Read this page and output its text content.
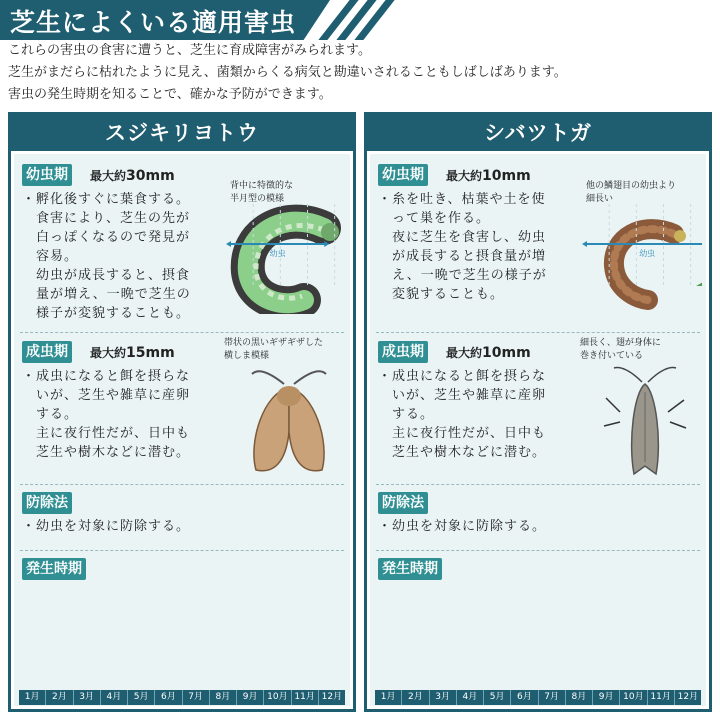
芝生によくいる適用害虫
これらの害虫の食害に遭うと、芝生に育成障害がみられます。
芝生がまだらに枯れたように見え、菌類からくる病気と勘違いされることもしばしばあります。
害虫の発生時期を知ることで、確かな予防ができます。
スジキリヨトウ
幼虫期	最大約30mm
・孵化後すぐに葉食する。
　食害により、芝生の先が
　白っぽくなるので発見が
　容易。
　幼虫が成長すると、摂食
　量が増え、一晩で芝生の
　様子が変貌することも。
背中に特徴的な
半月型の模様
幼虫
成虫期	最大約15mm
・成虫になると餌を摂らな
　いが、芝生や雑草に産卵
　する。
　主に夜行性だが、日中も
　芝生や樹木などに潜む。
帯状の黒いギザギザした
横しま模様
防除法
・幼虫を対象に防除する。
発生時期
1月	2月	3月	4月	5月	6月	7月	8月	9月	10月 11月 12月
シバツトガ
幼虫期	最大約10mm
・糸を吐き、枯葉や土を使
　って巣を作る。
　夜に芝生を食害し、幼虫
　が成長すると摂食量が増
　え、一晩で芝生の様子が
　変貌することも。
他の鱗翅目の幼虫より
細長い
幼虫
成虫期	最大約10mm
・成虫になると餌を摂らな
　いが、芝生や雑草に産卵
　する。
　主に夜行性だが、日中も
　芝生や樹木などに潜む。
細長く、翅が身体に
巻き付いている
防除法
・幼虫を対象に防除する。
発生時期
1月	2月	3月	4月	5月	6月	7月	8月	9月	10月 11月 12月
